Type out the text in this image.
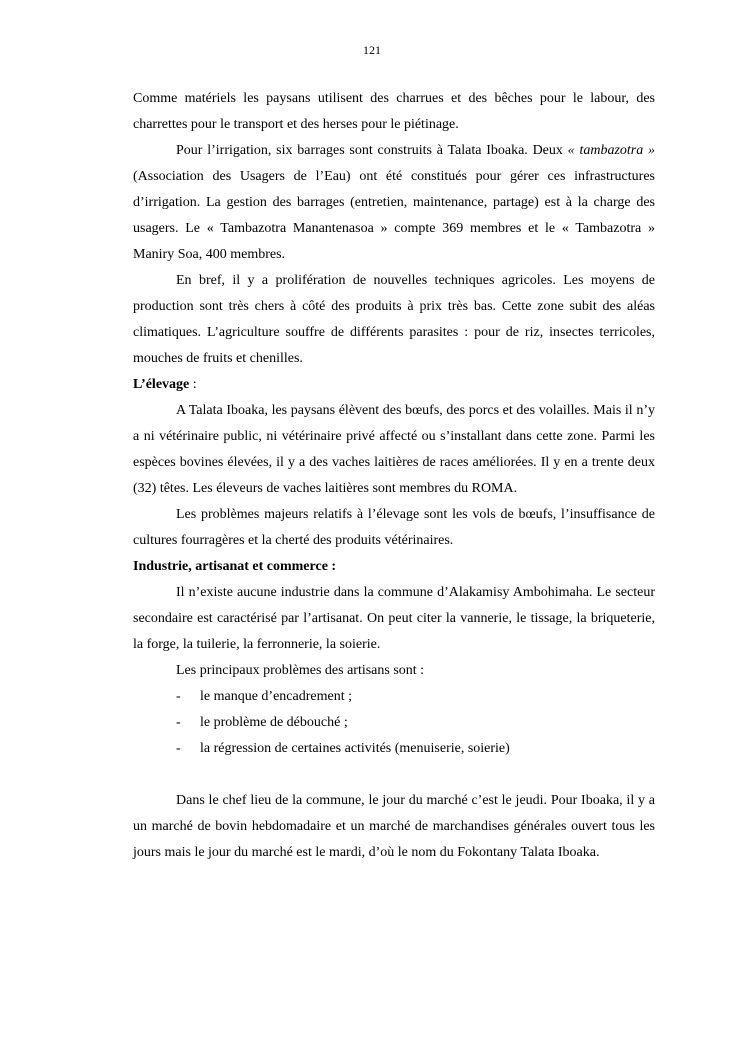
121

Comme matériels les paysans utilisent des charrues et des bêches pour le labour, des charrettes pour le transport et des herses pour le piétinage.

Pour l’irrigation, six barrages sont construits à Talata Iboaka. Deux « tambazotra » (Association des Usagers de l’Eau) ont été constitués pour gérer ces infrastructures d’irrigation. La gestion des barrages (entretien, maintenance, partage) est à la charge des usagers. Le « Tambazotra Manantenasoa » compte 369 membres et le « Tambazotra » Maniry Soa, 400 membres.

En bref, il y a prolifération de nouvelles techniques agricoles. Les moyens de production sont très chers à côté des produits à prix très bas. Cette zone subit des aléas climatiques. L’agriculture souffre de différents parasites : pour de riz, insectes terricoles, mouches de fruits et chenilles.

L’élevage :

A Talata Iboaka, les paysans élèvent des bœufs, des porcs et des volailles. Mais il n’y a ni vétérinaire public, ni vétérinaire privé affecté ou s’installant dans cette zone. Parmi les espèces bovines élevées, il y a des vaches laitières de races améliorées. Il y en a trente deux (32) têtes. Les éleveurs de vaches laitières sont membres du ROMA.

Les problèmes majeurs relatifs à l’élevage sont les vols de bœufs, l’insuffisance de cultures fourragères et la cherté des produits vétérinaires.

Industrie, artisanat et commerce :

Il n’existe aucune industrie dans la commune d’Alakamisy Ambohimaha. Le secteur secondaire est caractérisé par l’artisanat. On peut citer la vannerie, le tissage, la briqueterie, la forge, la tuilerie, la ferronnerie, la soierie.

Les principaux problèmes des artisans sont :

- le manque d’encadrement ;
- le problème de débouché ;
- la régression de certaines activités (menuiserie, soierie)

Dans le chef lieu de la commune, le jour du marché c’est le jeudi. Pour Iboaka, il y a un marché de bovin hebdomadaire et un marché de marchandises générales ouvert tous les jours mais le jour du marché est le mardi, d’où le nom du Fokontany Talata Iboaka.
